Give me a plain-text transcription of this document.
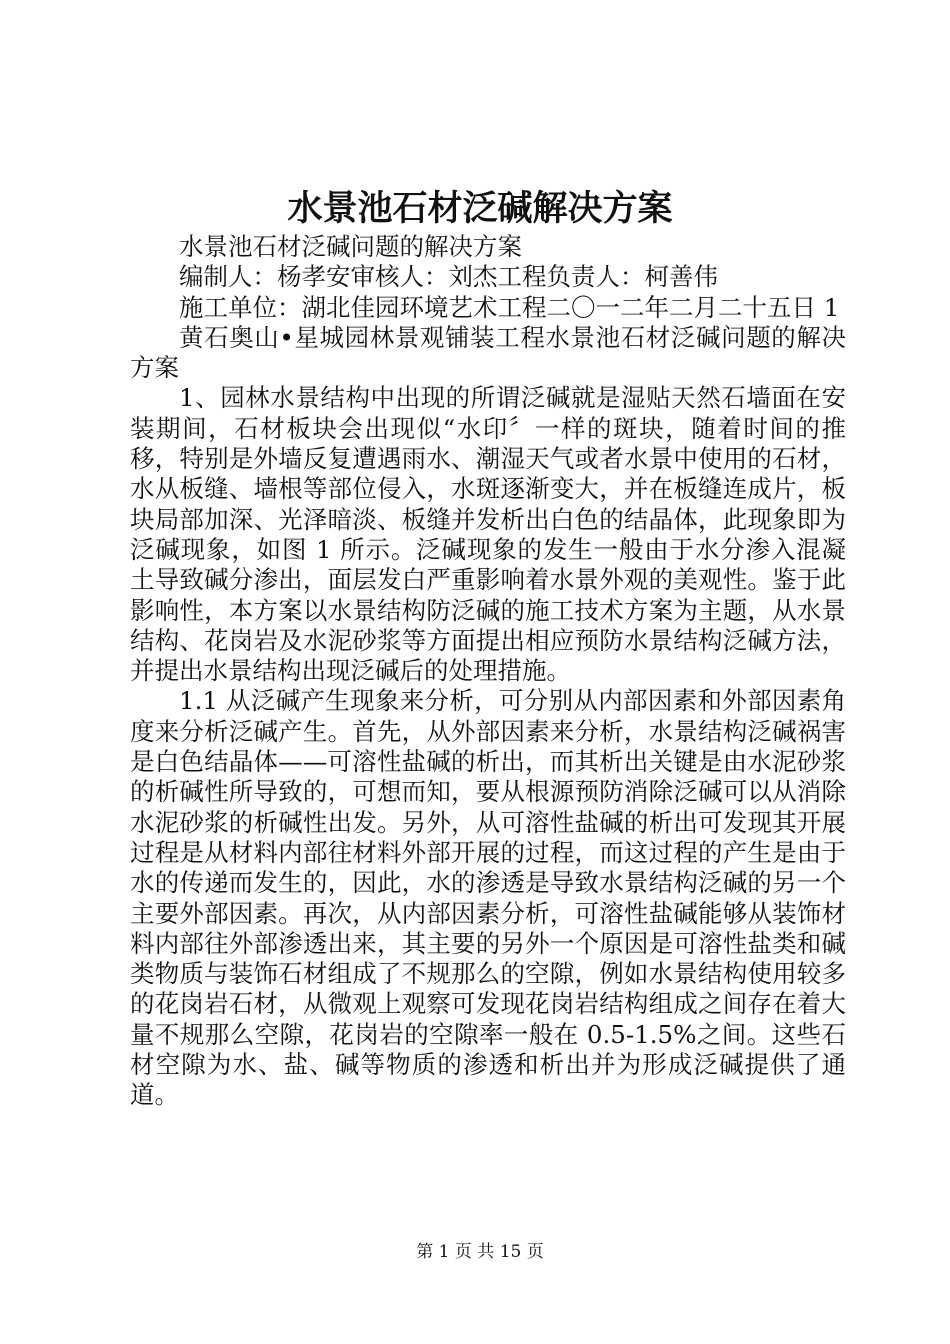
水景池石材泛碱解决方案

水景池石材泛碱问题的解决方案

编制人：杨孝安审核人：刘杰工程负责人：柯善伟

施工单位：湖北佳园环境艺术工程二〇一二年二月二十五日 1

黄石奥山•星城园林景观铺装工程水景池石材泛碱问题的解决方案

1、园林水景结构中出现的所谓泛碱就是湿贴天然石墙面在安装期间，石材板块会出现似“水印〞一样的斑块，随着时间的推移，特别是外墙反复遭遇雨水、潮湿天气或者水景中使用的石材，水从板缝、墙根等部位侵入，水斑逐渐变大，并在板缝连成片，板块局部加深、光泽暗淡、板缝并发析出白色的结晶体，此现象即为泛碱现象，如图 1 所示。泛碱现象的发生一般由于水分渗入混凝土导致碱分渗出，面层发白严重影响着水景外观的美观性。鉴于此影响性，本方案以水景结构防泛碱的施工技术方案为主题，从水景结构、花岗岩及水泥砂浆等方面提出相应预防水景结构泛碱方法，并提出水景结构出现泛碱后的处理措施。

1.1 从泛碱产生现象来分析，可分别从内部因素和外部因素角度来分析泛碱产生。首先，从外部因素来分析，水景结构泛碱祸害是白色结晶体——可溶性盐碱的析出，而其析出关键是由水泥砂浆的析碱性所导致的，可想而知，要从根源预防消除泛碱可以从消除水泥砂浆的析碱性出发。另外，从可溶性盐碱的析出可发现其开展过程是从材料内部往材料外部开展的过程，而这过程的产生是由于水的传递而发生的，因此，水的渗透是导致水景结构泛碱的另一个主要外部因素。再次，从内部因素分析，可溶性盐碱能够从装饰材料内部往外部渗透出来，其主要的另外一个原因是可溶性盐类和碱类物质与装饰石材组成了不规那么的空隙，例如水景结构使用较多的花岗岩石材，从微观上观察可发现花岗岩结构组成之间存在着大量不规那么空隙，花岗岩的空隙率一般在 0.5-1.5%之间。这些石材空隙为水、盐、碱等物质的渗透和析出并为形成泛碱提供了通道。

第 1 页 共 15 页
